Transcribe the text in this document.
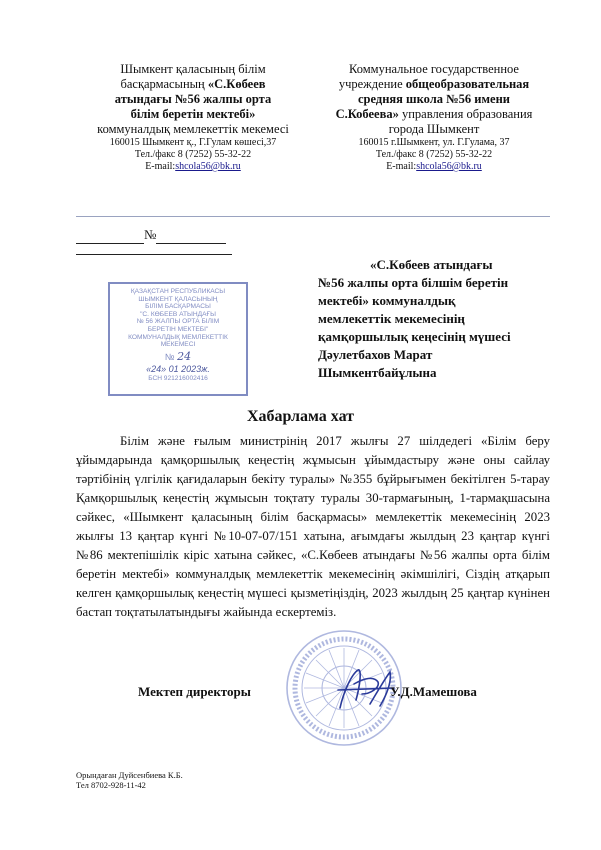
Шымкент қаласының білім
басқармасының «С.Көбеев
атындағы №56 жалпы орта
білім беретін мектебі»
коммуналдық мемлекеттік мекемесі
160015 Шымкент қ., Г.Гулам көшесі,37
Тел./факс 8 (7252) 55-32-22
E-mail:shcola56@bk.ru
Коммунальное государственное
учреждение общеобразовательная
средняя школа №56 имени
С.Кобеева» управления образования
города Шымкент
160015 г.Шымкент, ул. Г.Гулама, 37
Тел./факс 8 (7252) 55-32-22
E-mail:shcola56@bk.ru
№
«С.Көбеев атындағы
№56 жалпы орта білшім беретін
мектебі» коммуналдық
мемлекеттік мекемесінің
қамқоршылық кеңесінің мүшесі
Дәулетбахов Марат
Шымкентбайұлына
ҚАЗАҚСТАН РЕСПУБЛИКАСЫ
ШЫМКЕНТ ҚАЛАСЫНЫҢ
БІЛІМ БАСҚАРМАСЫ
"С. КӨБЕЕВ АТЫНДАҒЫ
№ 56 ЖАЛПЫ ОРТА БІЛІМ
БЕРЕТІН МЕКТЕБІ"
КОММУНАЛДЫҚ МЕМЛЕКЕТТІК
МЕКЕМЕСІ
№ 24
«24» 01 2023ж.
БСН 921216002416
Хабарлама хат
Білім және ғылым министрінің 2017 жылғы 27 шілдедегі «Білім беру ұйымдарында қамқоршылық кеңестің жұмысын ұйымдастыру және оны сайлау тәртібінің үлгілік қағидаларын бекіту туралы» №355 бұйрығымен бекітілген 5-тарау Қамқоршылық кеңестің жұмысын тоқтату туралы 30-тармағының, 1-тармақшасына сәйкес, «Шымкент қаласының білім басқармасы» мемлекеттік мекемесінің 2023 жылғы 13 қаңтар күнгі №10-07-07/151 хатына, ағымдағы жылдың 23 қаңтар күнгі №86 мектепішілік кіріс хатына сәйкес, «С.Көбеев атындағы №56 жалпы орта білім беретін мектебі» коммуналдық мемлекеттік мекемесінің әкімшілігі, Сіздің атқарып келген қамқоршылық кеңестің мүшесі қызметіңіздің, 2023 жылдың 25 қаңтар күнінен бастап тоқтатылатындығы жайында ескертеміз.
Мектеп директоры	У.Д.Мамешова
Орындаған Дуйсенбиева К.Б.
Тел 8702-928-11-42
